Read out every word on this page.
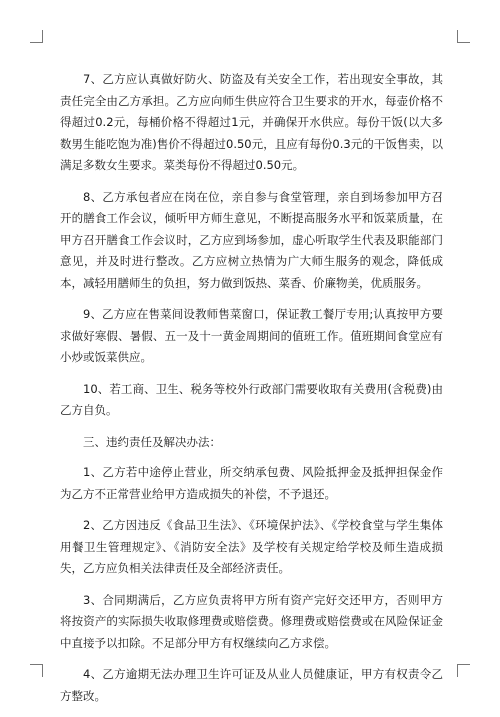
7、乙方应认真做好防火、防盗及有关安全工作，若出现安全事故，其责任完全由乙方承担。乙方应向师生供应符合卫生要求的开水，每壶价格不得超过0.2元，每桶价格不得超过1元，并确保开水供应。每份干饭(以大多数男生能吃饱为准)售价不得超过0.50元，且应有每份0.3元的干饭售卖，以满足多数女生要求。菜类每份不得超过0.50元。

8、乙方承包者应在岗在位，亲自参与食堂管理，亲自到场参加甲方召开的膳食工作会议，倾听甲方师生意见，不断提高服务水平和饭菜质量，在甲方召开膳食工作会议时，乙方应到场参加，虚心听取学生代表及职能部门意见，并及时进行整改。乙方应树立热情为广大师生服务的观念，降低成本，减轻用膳师生的负担，努力做到饭热、菜香、价廉物美，优质服务。

9、乙方应在售菜间设教师售菜窗口，保证教工餐厅专用;认真按甲方要求做好寒假、暑假、五一及十一黄金周期间的值班工作。值班期间食堂应有小炒或饭菜供应。

10、若工商、卫生、税务等校外行政部门需要收取有关费用(含税费)由乙方自负。

三、违约责任及解决办法：

1、乙方若中途停止营业，所交纳承包费、风险抵押金及抵押担保金作为乙方不正常营业给甲方造成损失的补偿，不予退还。

2、乙方因违反《食品卫生法》、《环境保护法》、《学校食堂与学生集体用餐卫生管理规定》、《消防安全法》及学校有关规定给学校及师生造成损失，乙方应负相关法律责任及全部经济责任。

3、合同期满后，乙方应负责将甲方所有资产完好交还甲方，否则甲方将按资产的实际损失收取修理费或赔偿费。修理费或赔偿费或在风险保证金中直接予以扣除。不足部分甲方有权继续向乙方求偿。

4、乙方逾期无法办理卫生许可证及从业人员健康证，甲方有权责令乙方整改。
